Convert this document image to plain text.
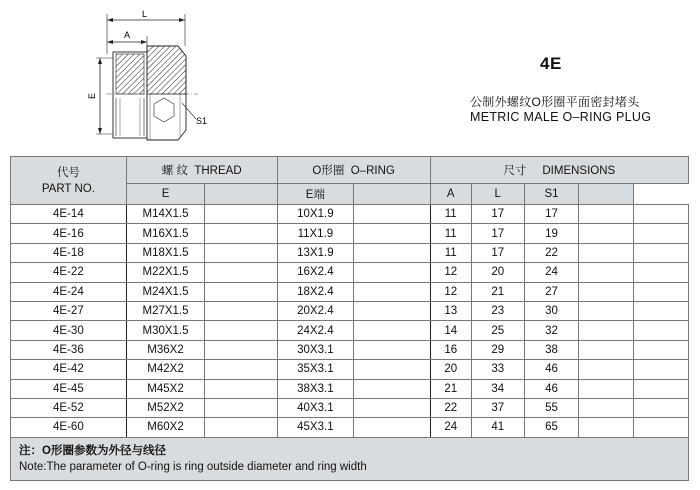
L
A
E
S1
4E
公制外螺纹O形圈平面密封堵头
METRIC MALE O–RING PLUG
代号
PART NO.	螺 纹 THREAD		O形圈 O–RING		尺寸 DIMENSIONS				
	E		E端		A	L	S1		
4E-14	M14X1.5		10X1.9		11	17	17		
4E-16	M16X1.5		11X1.9		11	17	19		
4E-18	M18X1.5		13X1.9		11	17	22		
4E-22	M22X1.5		16X2.4		12	20	24		
4E-24	M24X1.5		18X2.4		12	21	27		
4E-27	M27X1.5		20X2.4		13	23	30		
4E-30	M30X1.5		24X2.4		14	25	32		
4E-36	M36X2		30X3.1		16	29	38		
4E-42	M42X2		35X3.1		20	33	46		
4E-45	M45X2		38X3.1		21	34	46		
4E-52	M52X2		40X3.1		22	37	55		
4E-60	M60X2		45X3.1		24	41	65		

注：O形圈参数为外径与线径
Note:The parameter of O-ring is ring outside diameter and ring width									
